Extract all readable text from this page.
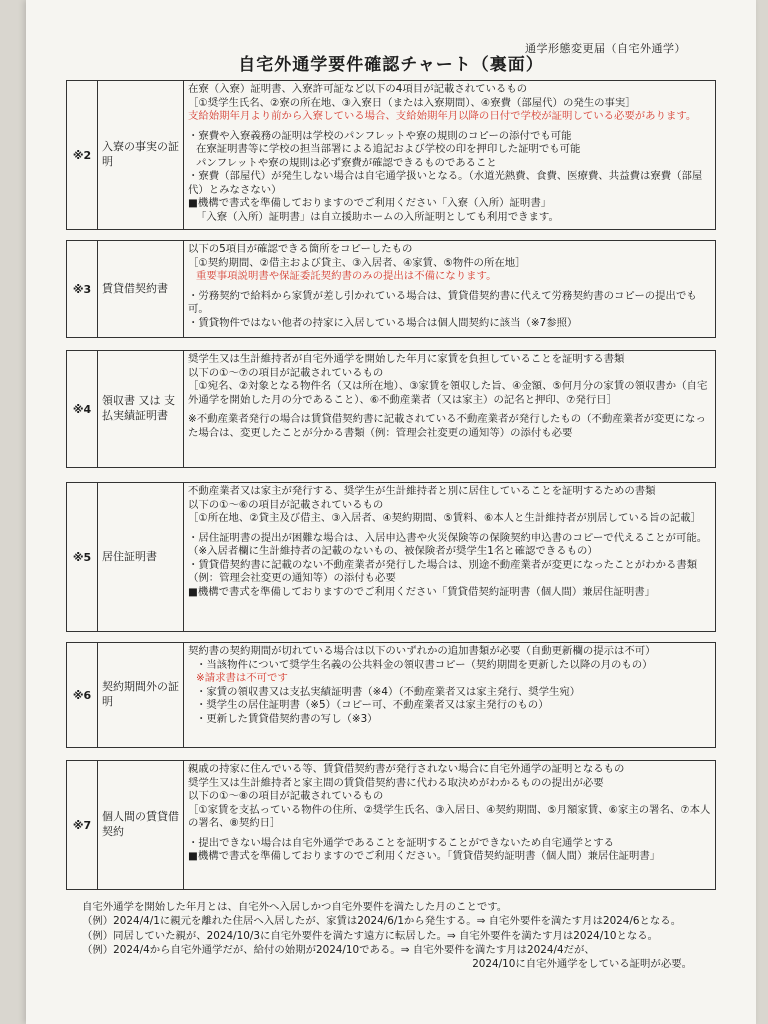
通学形態変更届（自宅外通学）
自宅外通学要件確認チャート（裏面）
※2
入寮の事実の証明
在寮（入寮）証明書、入寮許可証など以下の4項目が記載されているもの
［①奨学生氏名、②寮の所在地、③入寮日（または入寮期間）、④寮費（部屋代）の発生の事実］
支給始期年月より前から入寮している場合、支給始期年月以降の日付で学校が証明している必要があります。
・寮費や入寮義務の証明は学校のパンフレットや寮の規則のコピーの添付でも可能
在寮証明書等に学校の担当部署による追記および学校の印を押印した証明でも可能
パンフレットや寮の規則は必ず寮費が確認できるものであること
・寮費（部屋代）が発生しない場合は自宅通学扱いとなる。（水道光熱費、食費、医療費、共益費は寮費（部屋代）とみなさない）
■機構で書式を準備しておりますのでご利用ください「入寮（入所）証明書」
「入寮（入所）証明書」は自立援助ホームの入所証明としても利用できます。
※3 賃貸借契約書
以下の5項目が確認できる箇所をコピーしたもの
［①契約期間、②借主および貸主、③入居者、④家賃、⑤物件の所在地］
重要事項説明書や保証委託契約書のみの提出は不備になります。
・労務契約で給料から家賃が差し引かれている場合は、賃貸借契約書に代えて労務契約書のコピーの提出でも可。
・賃貸物件ではない他者の持家に入居している場合は個人間契約に該当（※7参照）
※4
領収書 又は 支払実績証明書
奨学生又は生計維持者が自宅外通学を開始した年月に家賃を負担していることを証明する書類
以下の①〜⑦の項目が記載されているもの
［①宛名、②対象となる物件名（又は所在地）、③家賃を領収した旨、④金額、⑤何月分の家賃の領収書か（自宅外通学を開始した月の分であること）、⑥不動産業者（又は家主）の記名と押印、⑦発行日］
※不動産業者発行の場合は賃貸借契約書に記載されている不動産業者が発行したもの（不動産業者が変更になった場合は、変更したことが分かる書類（例：管理会社変更の通知等）の添付も必要
※5 居住証明書
不動産業者又は家主が発行する、奨学生が生計維持者と別に居住していることを証明するための書類
以下の①〜⑥の項目が記載されているもの
［①所在地、②貸主及び借主、③入居者、④契約期間、⑤賃料、⑥本人と生計維持者が別居している旨の記載］
・居住証明書の提出が困難な場合は、入居申込書や火災保険等の保険契約申込書のコピーで代えることが可能。（※入居者欄に生計維持者の記載のないもの、被保険者が奨学生1名と確認できるもの）
・賃貸借契約書に記載のない不動産業者が発行した場合は、別途不動産業者が変更になったことがわかる書類（例：管理会社変更の通知等）の添付も必要
■機構で書式を準備しておりますのでご利用ください「賃貸借契約証明書（個人間）兼居住証明書」
※6
契約期間外の証明
契約書の契約期間が切れている場合は以下のいずれかの追加書類が必要（自動更新欄の提示は不可）
・当該物件について奨学生名義の公共料金の領収書コピー（契約期間を更新した以降の月のもの）
※請求書は不可です
・家賃の領収書又は支払実績証明書（※4）（不動産業者又は家主発行、奨学生宛）
・奨学生の居住証明書（※5）（コピー可、不動産業者又は家主発行のもの）
・更新した賃貸借契約書の写し（※3）
※7
個人間の賃貸借契約
親戚の持家に住んでいる等、賃貸借契約書が発行されない場合に自宅外通学の証明となるもの
奨学生又は生計維持者と家主間の賃貸借契約書に代わる取決めがわかるものの提出が必要
以下の①〜⑧の項目が記載されているもの
［①家賃を支払っている物件の住所、②奨学生氏名、③入居日、④契約期間、⑤月額家賃、⑥家主の署名、⑦本人の署名、⑧契約日］
・提出できない場合は自宅外通学であることを証明することができないため自宅通学とする
■機構で書式を準備しておりますのでご利用ください。「賃貸借契約証明書（個人間）兼居住証明書」
自宅外通学を開始した年月とは、自宅外へ入居しかつ自宅外要件を満たした月のことです。
（例）2024/4/1に親元を離れた住居へ入居したが、家賃は2024/6/1から発生する。⇒ 自宅外要件を満たす月は2024/6となる。
（例）同居していた親が、2024/10/3に自宅外要件を満たす遠方に転居した。⇒ 自宅外要件を満たす月は2024/10となる。
（例）2024/4から自宅外通学だが、給付の始期が2024/10である。⇒ 自宅外要件を満たす月は2024/4だが、
2024/10に自宅外通学をしている証明が必要。
